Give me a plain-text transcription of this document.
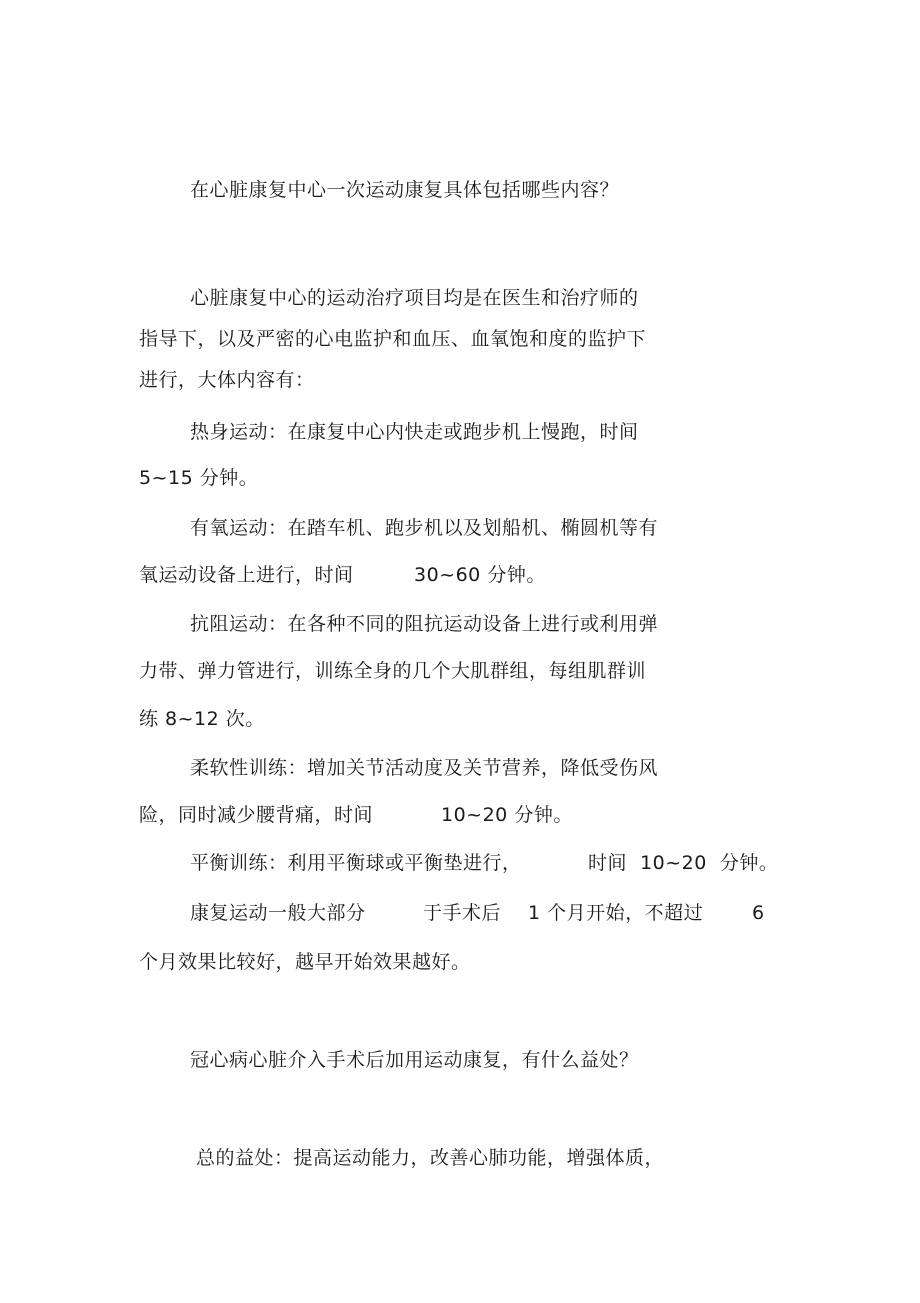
在心脏康复中心一次运动康复具体包括哪些内容？
心脏康复中心的运动治疗项目均是在医生和治疗师的
指导下，以及严密的心电监护和血压、血氧饱和度的监护下
进行，大体内容有：
热身运动：在康复中心内快走或跑步机上慢跑，时间
5~15 分钟。
有氧运动：在踏车机、跑步机以及划船机、椭圆机等有
氧运动设备上进行，时间	30~60 分钟。
抗阻运动：在各种不同的阻抗运动设备上进行或利用弹
力带、弹力管进行，训练全身的几个大肌群组，每组肌群训
练 8~12 次。
柔软性训练：增加关节活动度及关节营养，降低受伤风
险，同时减少腰背痛，时间	10~20 分钟。
平衡训练：利用平衡球或平衡垫进行，	时间  10~20  分钟。
康复运动一般大部分	于手术后 1 个月开始，不超过	6
个月效果比较好，越早开始效果越好。
冠心病心脏介入手术后加用运动康复，有什么益处？
总的益处：提高运动能力，改善心肺功能，增强体质，
